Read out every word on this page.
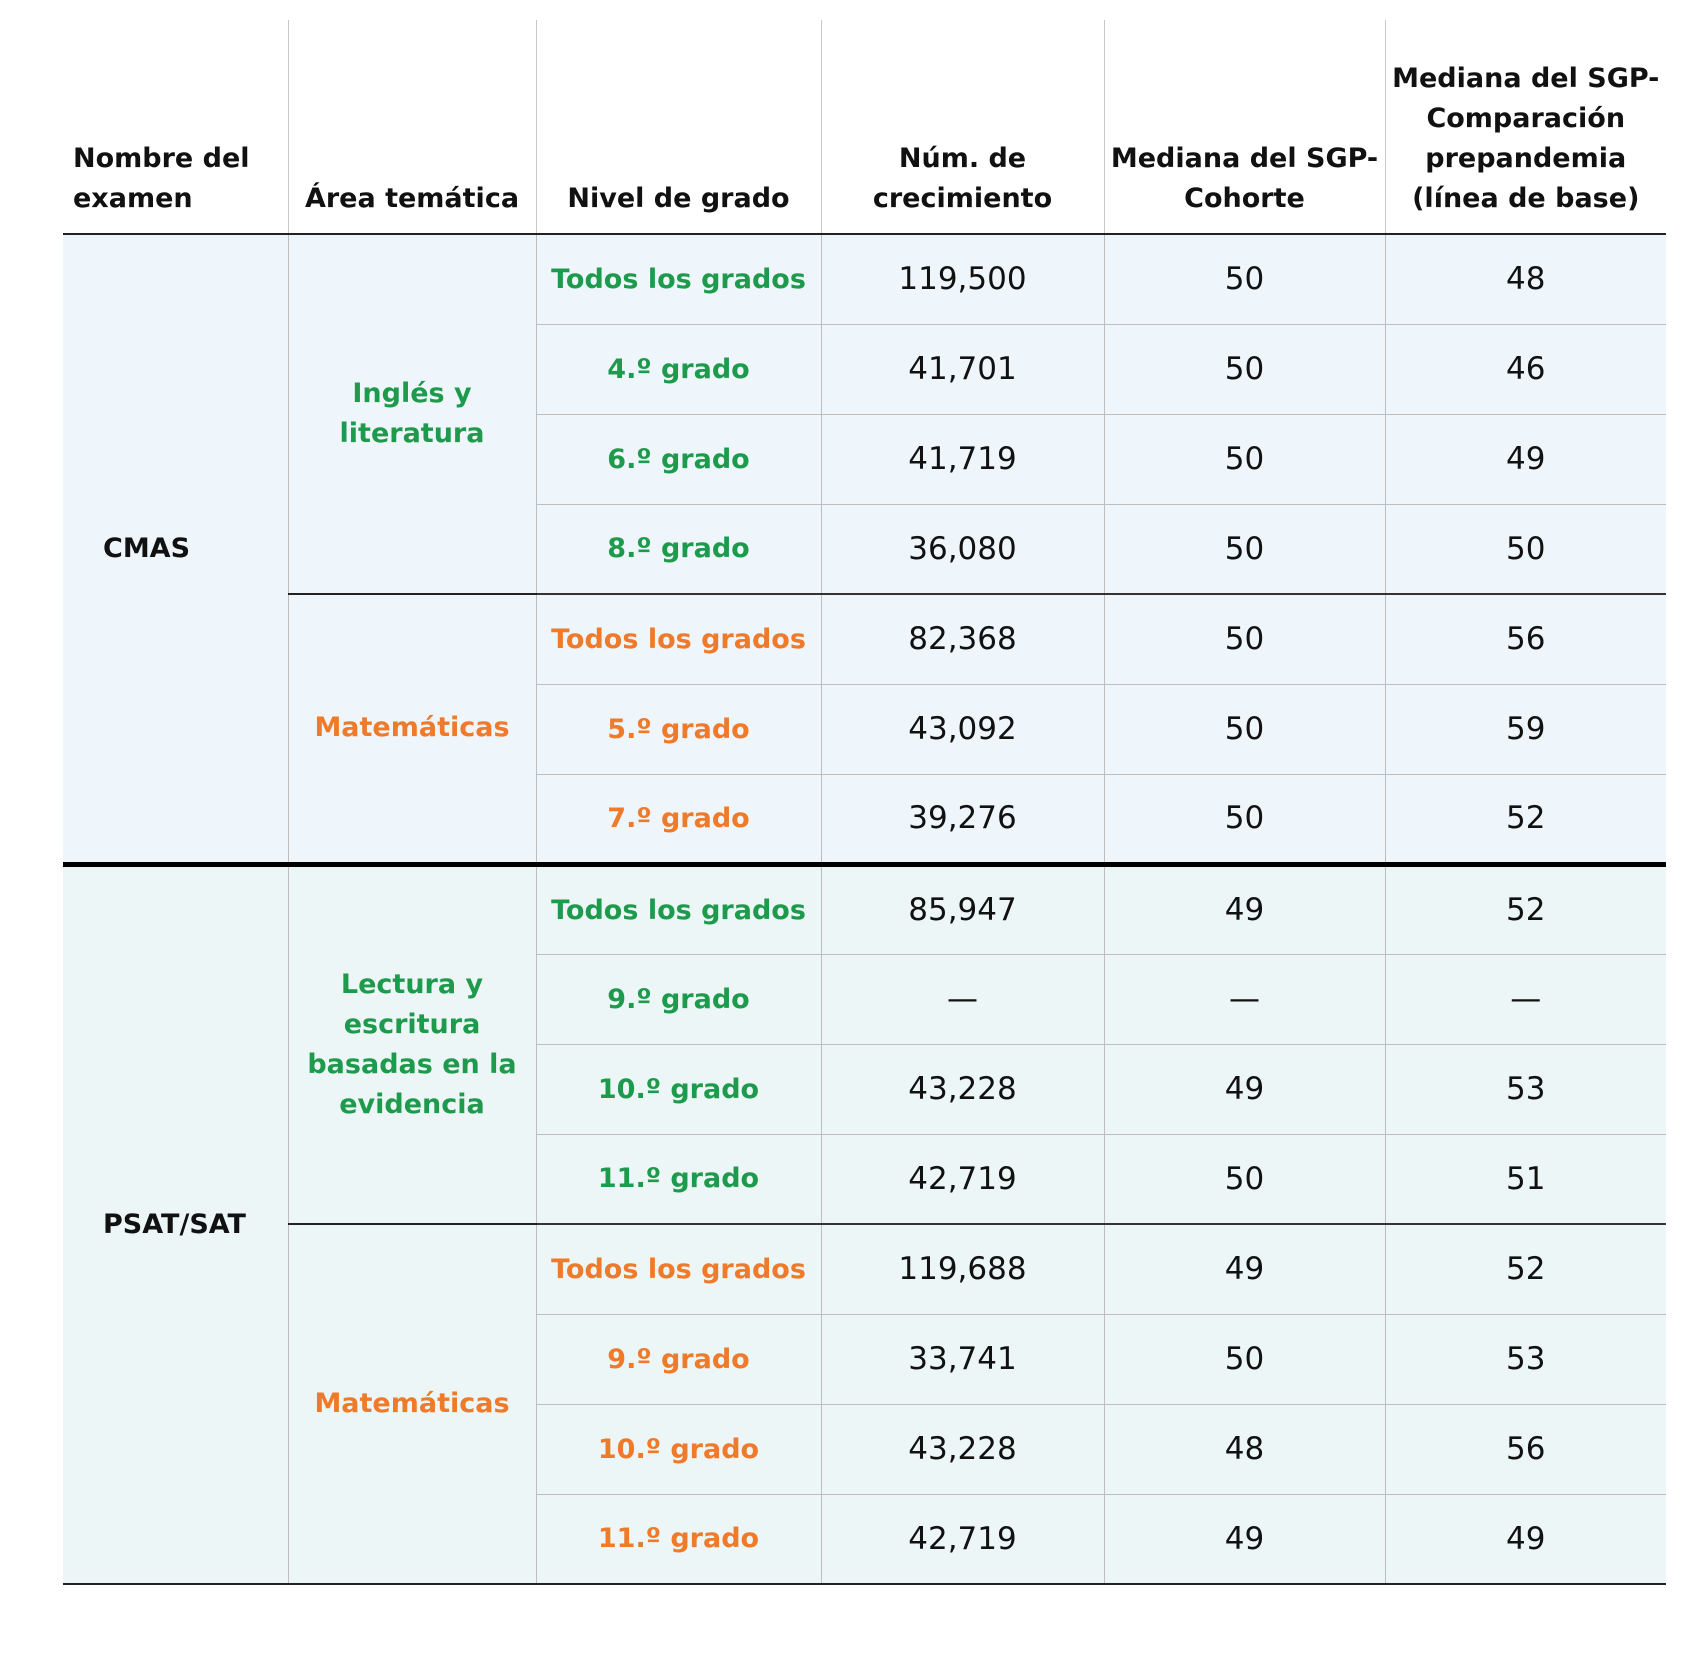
Nombre del examen	Área temática	Nivel de grado	Núm. de crecimiento	Mediana del SGP- Cohorte	Mediana del SGP- Comparación prepandemia (línea de base)
CMAS	Inglés y literatura	Todos los grados	119,500	50	48
		4.º grado	41,701	50	46
		6.º grado	41,719	50	49
		8.º grado	36,080	50	50
	Matemáticas	Todos los grados	82,368	50	56
		5.º grado	43,092	50	59
		7.º grado	39,276	50	52
PSAT/SAT	Lectura y escritura basadas en la evidencia	Todos los grados	85,947	49	52
		9.º grado	—	—	—
		10.º grado	43,228	49	53
		11.º grado	42,719	50	51
	Matemáticas	Todos los grados	119,688	49	52
		9.º grado	33,741	50	53
		10.º grado	43,228	48	56
		11.º grado	42,719	49	49
